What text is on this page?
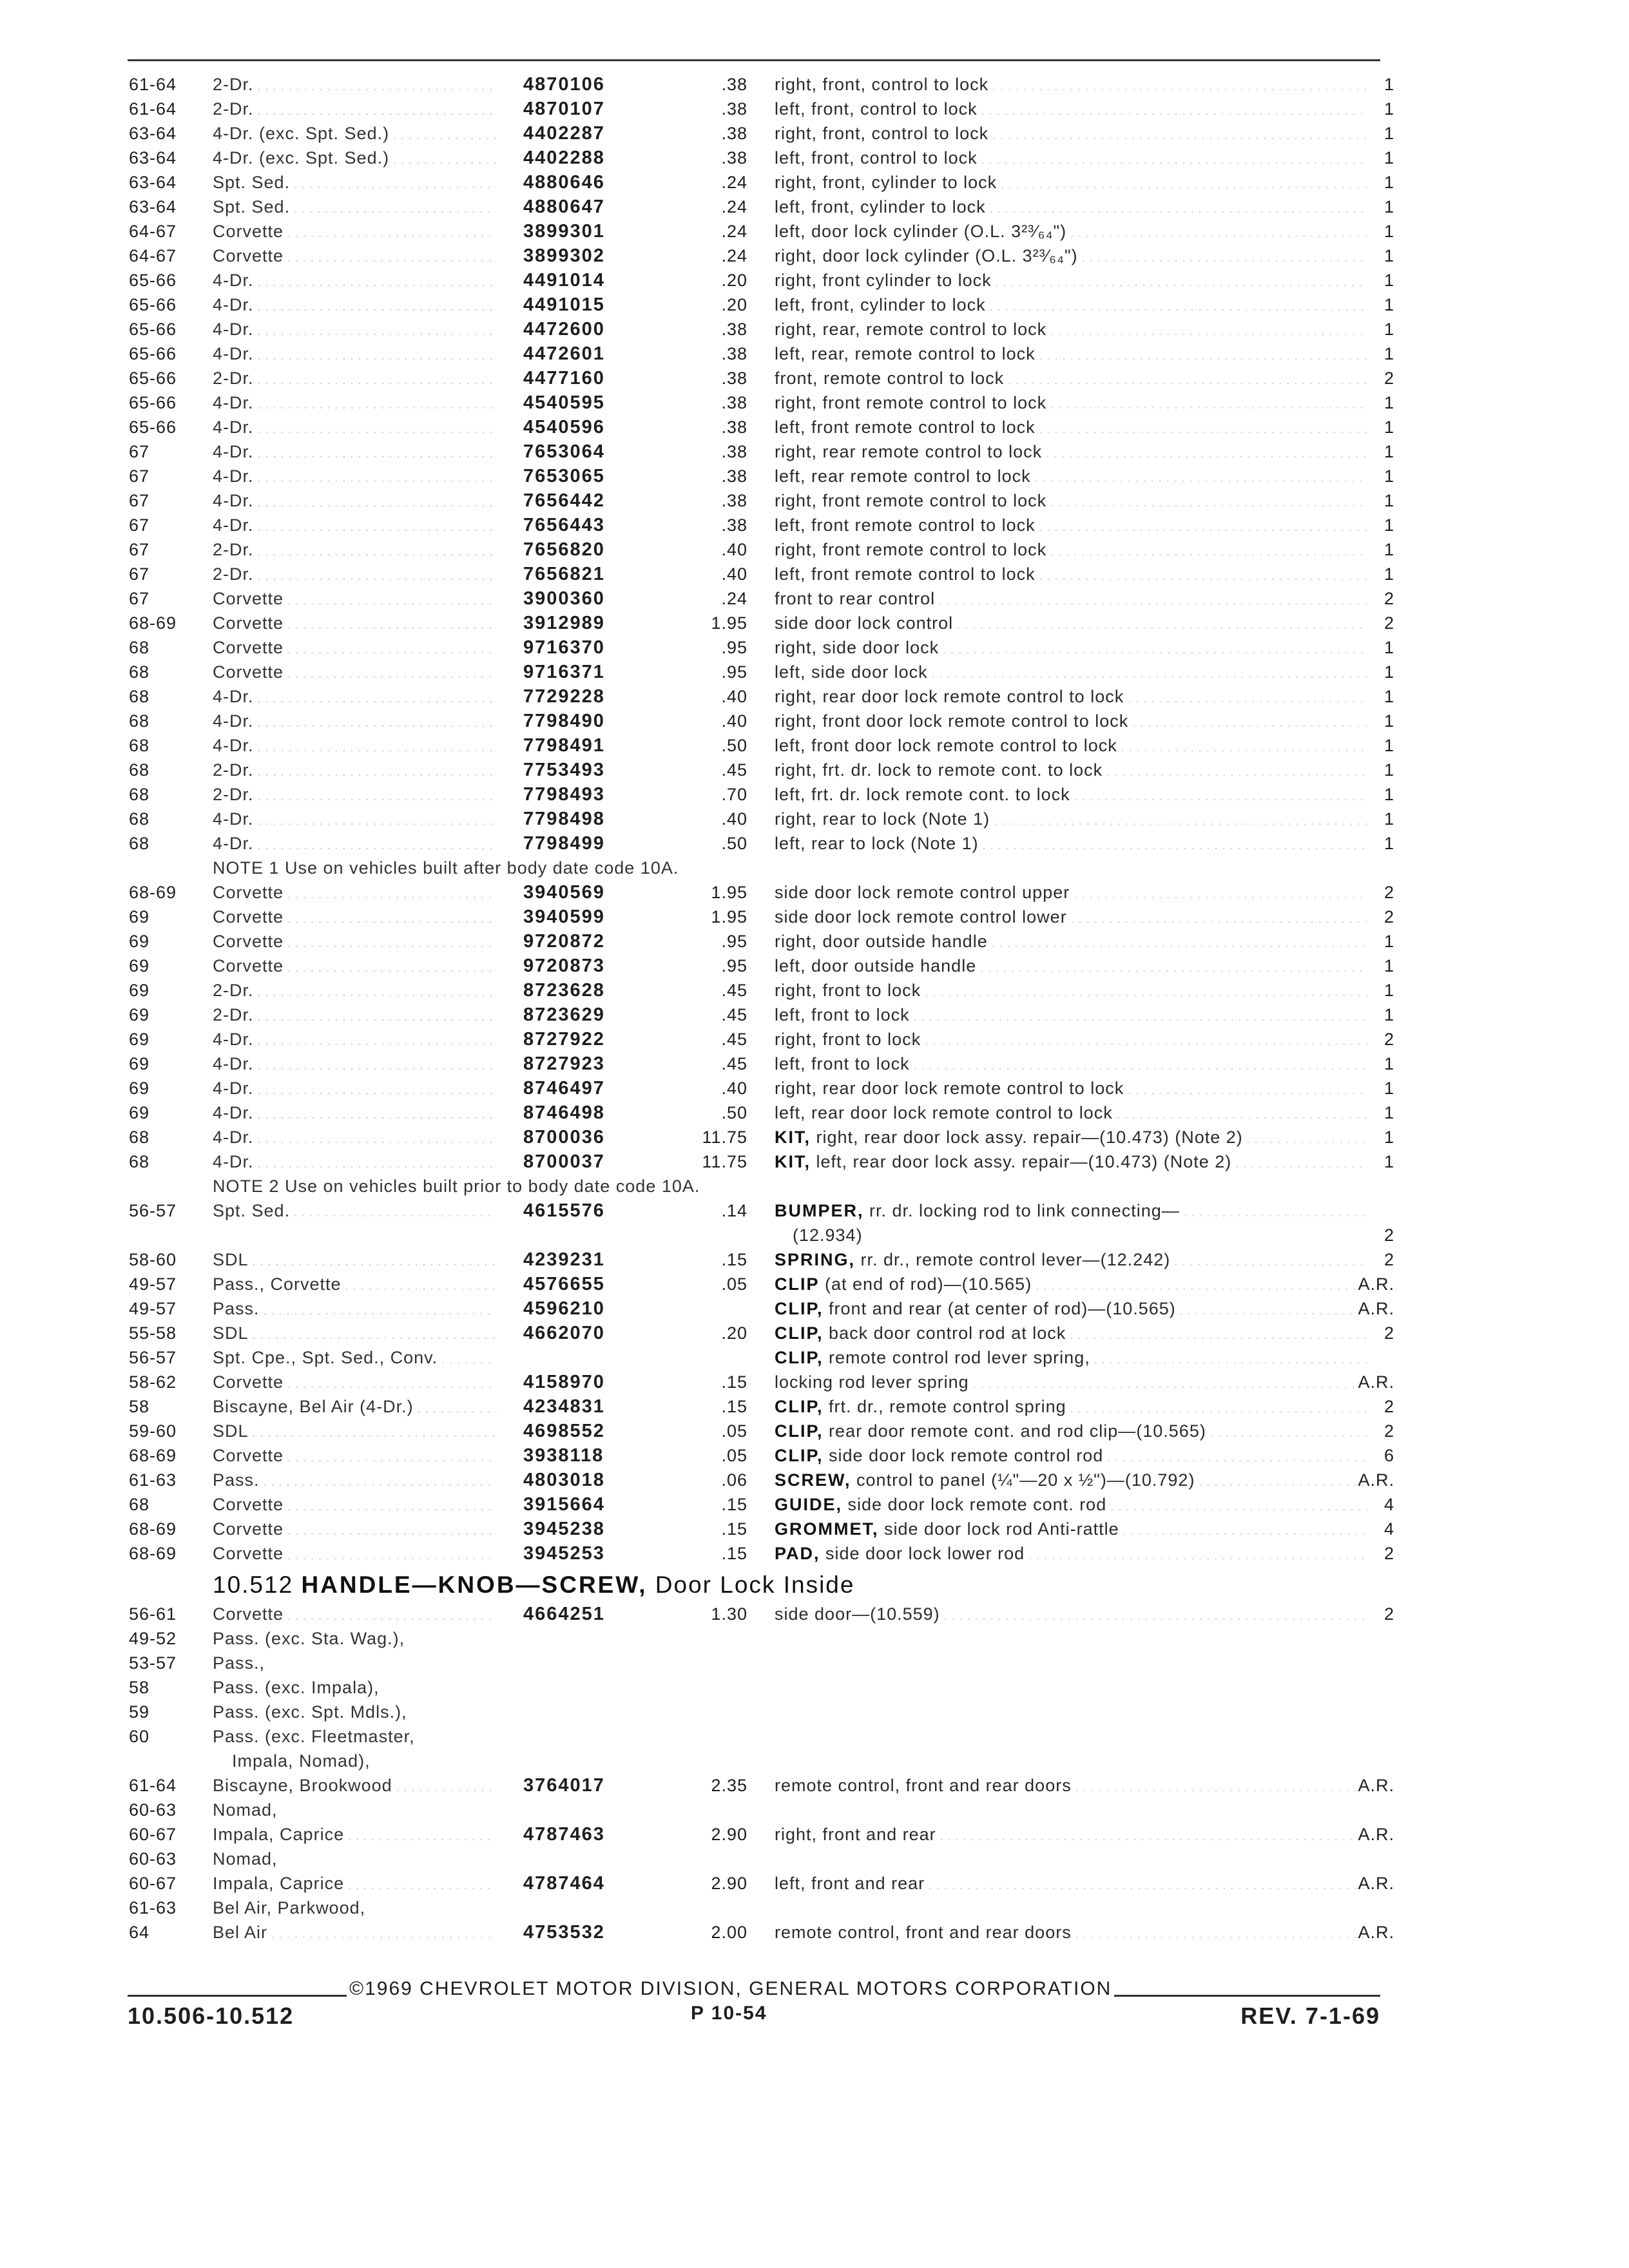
61-64 2-Dr. . . .	4870106	.38 right, front, control to lock . . .	1
61-64 2-Dr. . . .	4870107	.38 left, front, control to lock . . .	1
63-64 4-Dr. (exc. Spt. Sed.) . . .	4402287	.38 right, front, control to lock . . .	1
63-64 4-Dr. (exc. Spt. Sed.) . . .	4402288	.38 left, front, control to lock . . .	1
63-64 Spt. Sed. . . .	4880646	.24 right, front, cylinder to lock . . .	1
63-64 Spt. Sed. . . .	4880647	.24 left, front, cylinder to lock . . .	1
64-67 Corvette . . .	3899301	.24 left, door lock cylinder (O.L. 3²³⁄₆₄") . . .	1
64-67 Corvette . . .	3899302	.24 right, door lock cylinder (O.L. 3²³⁄₆₄") . . .	1
65-66 4-Dr. . . .	4491014	.20 right, front cylinder to lock . . .	1
65-66 4-Dr. . . .	4491015	.20 left, front, cylinder to lock . . .	1
65-66 4-Dr. . . .	4472600	.38 right, rear, remote control to lock . . .	1
65-66 4-Dr. . . .	4472601	.38 left, rear, remote control to lock . . .	1
65-66 2-Dr. . . .	4477160	.38 front, remote control to lock . . .	2
65-66 4-Dr. . . .	4540595	.38 right, front remote control to lock . . .	1
65-66 4-Dr. . . .	4540596	.38 left, front remote control to lock . . .	1
67	4-Dr. . . .	7653064	.38 right, rear remote control to lock . . .	1
67	4-Dr. . . .	7653065	.38 left, rear remote control to lock . . .	1
67	4-Dr. . . .	7656442	.38 right, front remote control to lock . . .	1
67	4-Dr. . . .	7656443	.38 left, front remote control to lock . . .	1
67	2-Dr. . . .	7656820	.40 right, front remote control to lock . . .	1
67	2-Dr. . . .	7656821	.40 left, front remote control to lock . . .	1
67	Corvette . . .	3900360	.24 front to rear control . . .	2
68-69 Corvette . . .	3912989	1.95 side door lock control . . .	2
68	Corvette . . .	9716370	.95 right, side door lock . . .	1
68	Corvette . . .	9716371	.95 left, side door lock . . .	1
68	4-Dr. . . .	7729228	.40 right, rear door lock remote control to lock . . .	1
68	4-Dr. . . .	7798490	.40 right, front door lock remote control to lock . . .	1
68	4-Dr. . . .	7798491	.50 left, front door lock remote control to lock . . .	1
68	2-Dr. . . .	7753493	.45 right, frt. dr. lock to remote cont. to lock . . .	1
68	2-Dr. . . .	7798493	.70 left, frt. dr. lock remote cont. to lock . . .	1
68	4-Dr. . . .	7798498	.40 right, rear to lock (Note 1) . . .	1
68	4-Dr. . . .	7798499	.50 left, rear to lock (Note 1) . . .	1
NOTE 1 Use on vehicles built after body date code 10A.
68-69 Corvette . . .	3940569	1.95 side door lock remote control upper . . .	2
69	Corvette . . .	3940599	1.95 side door lock remote control lower . . .	2
69	Corvette . . .	9720872	.95 right, door outside handle . . .	1
69	Corvette . . .	9720873	.95 left, door outside handle . . .	1
69	2-Dr. . . .	8723628	.45 right, front to lock . . .	1
69	2-Dr. . . .	8723629	.45 left, front to lock . . .	1
69	4-Dr. . . .	8727922	.45 right, front to lock . . .	2
69	4-Dr. . . .	8727923	.45 left, front to lock . . .	1
69	4-Dr. . . .	8746497	.40 right, rear door lock remote control to lock . . .	1
69	4-Dr. . . .	8746498	.50 left, rear door lock remote control to lock . . .	1
68	4-Dr. . . .	8700036	11.75 KIT, right, rear door lock assy. repair—(10.473) (Note 2) . . .	1
68	4-Dr. . . .	8700037	11.75 KIT, left, rear door lock assy. repair—(10.473) (Note 2) . . .	1
NOTE 2 Use on vehicles built prior to body date code 10A.
56-57 Spt. Sed. . . .	4615576	.14 BUMPER, rr. dr. locking rod to link connecting— . . .
(12.934)	2
58-60 SDL . . .	4239231	.15 SPRING, rr. dr., remote control lever—(12.242) . . .	2
49-57 Pass., Corvette . . .	4576655	.05 CLIP (at end of rod)—(10.565) . . .	A.R.
49-57 Pass. . . .	4596210	CLIP, front and rear (at center of rod)—(10.565) . . .	A.R.
55-58 SDL . . .	4662070	.20 CLIP, back door control rod at lock . . .	2
56-57 Spt. Cpe., Spt. Sed., Conv. . . .	CLIP, remote control rod lever spring, . . .
58-62 Corvette . . .	4158970	.15 locking rod lever spring . . .	A.R.
58	Biscayne, Bel Air (4-Dr.) . . .	4234831	.15 CLIP, frt. dr., remote control spring . . .	2
59-60 SDL . . .	4698552	.05 CLIP, rear door remote cont. and rod clip—(10.565) . . .	2
68-69 Corvette . . .	3938118	.05 CLIP, side door lock remote control rod . . .	6
61-63 Pass. . . .	4803018	.06 SCREW, control to panel (¼"—20 x ½")—(10.792) . . .	A.R.
68	Corvette . . .	3915664	.15 GUIDE, side door lock remote cont. rod . . .	4
68-69 Corvette . . .	3945238	.15 GROMMET, side door lock rod Anti-rattle . . .	4
68-69 Corvette . . .	3945253	.15 PAD, side door lock lower rod . . .	2
10.512 HANDLE—KNOB—SCREW, Door Lock Inside
56-61 Corvette . . .	4664251	1.30 side door—(10.559) . . .	2
49-52 Pass. (exc. Sta. Wag.),
53-57 Pass.,
58	Pass. (exc. Impala),
59	Pass. (exc. Spt. Mdls.),
60	Pass. (exc. Fleetmaster,
Impala, Nomad),
61-64 Biscayne, Brookwood . . .	3764017	2.35 remote control, front and rear doors . . .	A.R.
60-63 Nomad,
60-67 Impala, Caprice . . .	4787463	2.90 right, front and rear . . .	A.R.
60-63 Nomad,
60-67 Impala, Caprice . . .	4787464	2.90 left, front and rear . . .	A.R.
61-63 Bel Air, Parkwood,
64	Bel Air . . .	4753532	2.00 remote control, front and rear doors . . .	A.R.
©1969 CHEVROLET MOTOR DIVISION, GENERAL MOTORS CORPORATION
10.506-10.512	P 10-54	REV. 7-1-69
